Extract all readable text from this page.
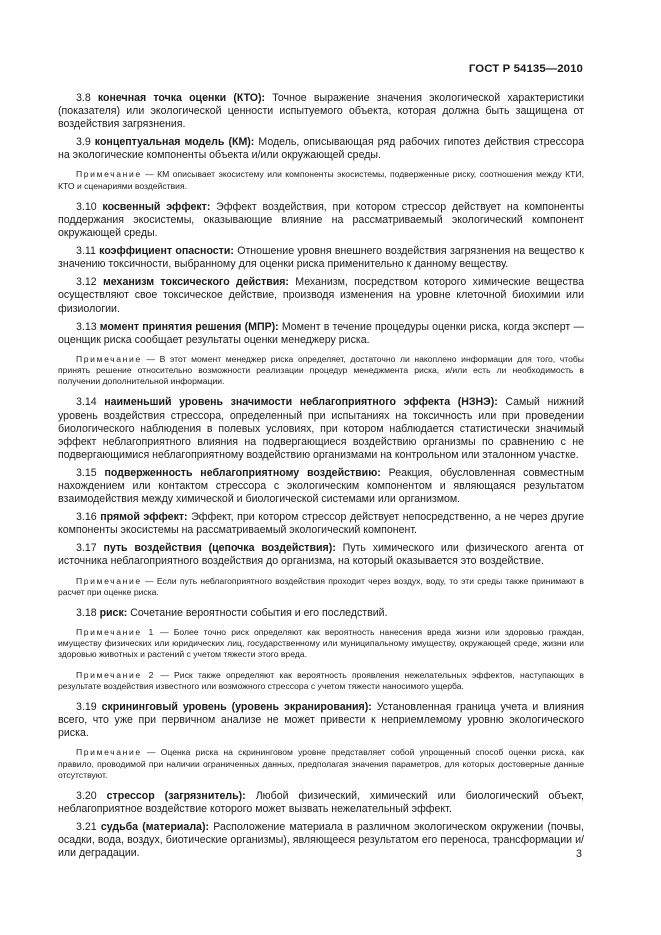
ГОСТ Р 54135—2010

3.8 конечная точка оценки (КТО): Точное выражение значения экологической характеристики (показателя) или экологической ценности испытуемого объекта, которая должна быть защищена от воздействия загрязнения.

3.9 концептуальная модель (КМ): Модель, описывающая ряд рабочих гипотез действия стрессора на экологические компоненты объекта и/или окружающей среды.

Примечание — КМ описывает экосистему или компоненты экосистемы, подверженные риску, соотношения между КТИ, КТО и сценариями воздействия.

3.10 косвенный эффект: Эффект воздействия, при котором стрессор действует на компоненты поддержания экосистемы, оказывающие влияние на рассматриваемый экологический компонент окружающей среды.

3.11 коэффициент опасности: Отношение уровня внешнего воздействия загрязнения на вещество к значению токсичности, выбранному для оценки риска применительно к данному веществу.

3.12 механизм токсического действия: Механизм, посредством которого химические вещества осуществляют свое токсическое действие, производя изменения на уровне клеточной биохимии или физиологии.

3.13 момент принятия решения (МПР): Момент в течение процедуры оценки риска, когда эксперт — оценщик риска сообщает результаты оценки менеджеру риска.

Примечание — В этот момент менеджер риска определяет, достаточно ли накоплено информации для того, чтобы принять решение относительно возможности реализации процедур менеджмента риска, и/или есть ли необходимость в получении дополнительной информации.

3.14 наименьший уровень значимости неблагоприятного эффекта (НЗНЭ): Самый нижний уровень воздействия стрессора, определенный при испытаниях на токсичность или при проведении биологического наблюдения в полевых условиях, при котором наблюдается статистически значимый эффект неблагоприятного влияния на подвергающиеся воздействию организмы по сравнению с не подвергающимися неблагоприятному воздействию организмами на контрольном или эталонном участке.

3.15 подверженность неблагоприятному воздействию: Реакция, обусловленная совместным нахождением или контактом стрессора с экологическим компонентом и являющаяся результатом взаимодействия между химической и биологической системами или организмом.

3.16 прямой эффект: Эффект, при котором стрессор действует непосредственно, а не через другие компоненты экосистемы на рассматриваемый экологический компонент.

3.17 путь воздействия (цепочка воздействия): Путь химического или физического агента от источника неблагоприятного воздействия до организма, на который оказывается это воздействие.

Примечание — Если путь неблагоприятного воздействия проходит через воздух, воду, то эти среды также принимают в расчет при оценке риска.

3.18 риск: Сочетание вероятности события и его последствий.

Примечание 1 — Более точно риск определяют как вероятность нанесения вреда жизни или здоровью граждан, имуществу физических или юридических лиц, государственному или муниципальному имуществу, окружающей среде, жизни или здоровью животных и растений с учетом тяжести этого вреда.

Примечание 2 — Риск также определяют как вероятность проявления нежелательных эффектов, наступающих в результате воздействия известного или возможного стрессора с учетом тяжести наносимого ущерба.

3.19 скрининговый уровень (уровень экранирования): Установленная граница учета и влияния всего, что уже при первичном анализе не может привести к неприемлемому уровню экологического риска.

Примечание — Оценка риска на скрининговом уровне представляет собой упрощенный способ оценки риска, как правило, проводимой при наличии ограниченных данных, предполагая значения параметров, для которых достоверные данные отсутствуют.

3.20 стрессор (загрязнитель): Любой физический, химический или биологический объект, неблагоприятное воздействие которого может вызвать нежелательный эффект.

3.21 судьба (материала): Расположение материала в различном экологическом окружении (почвы, осадки, вода, воздух, биотические организмы), являющееся результатом его переноса, трансформации и/или деградации.	3
